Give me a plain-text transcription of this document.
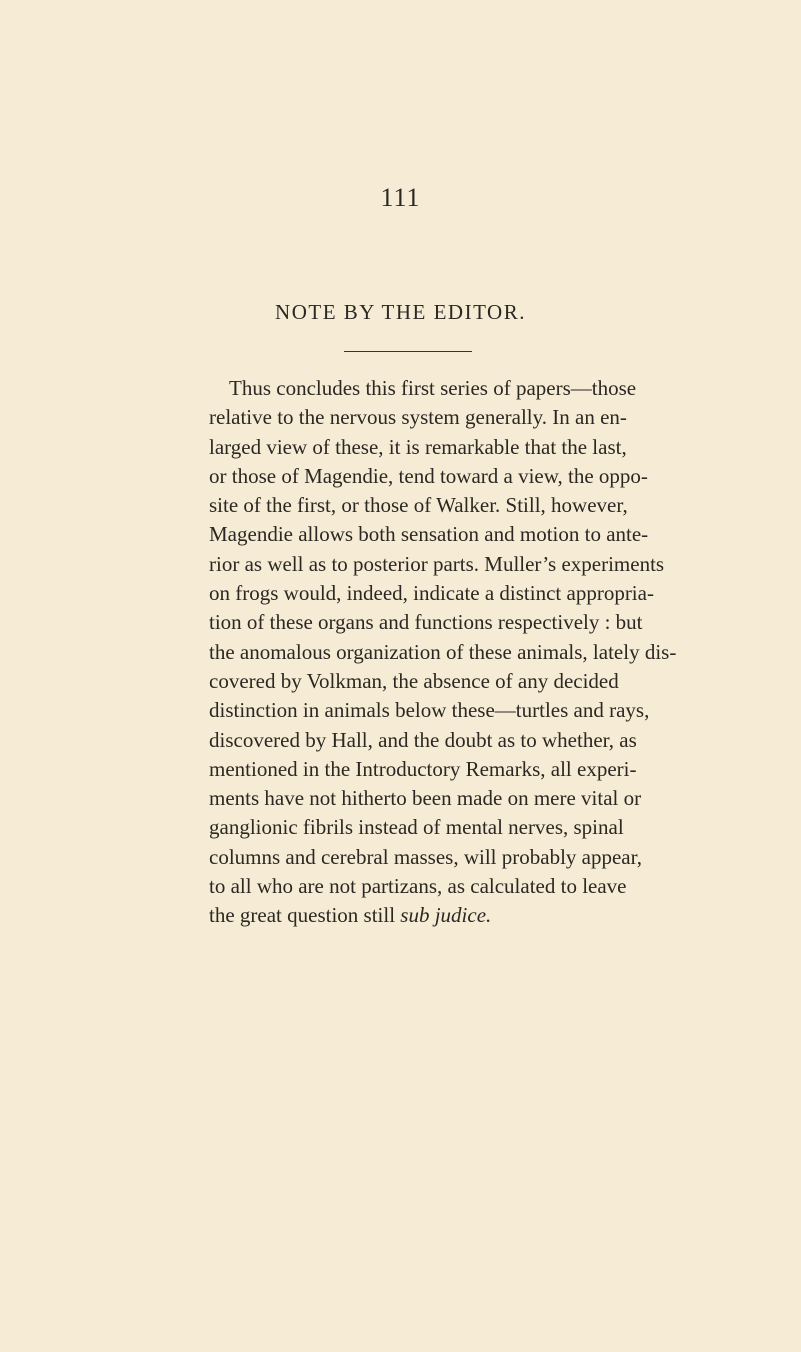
111
NOTE BY THE EDITOR.
Thus concludes this first series of papers—those
relative to the nervous system generally. In an en-
larged view of these, it is remarkable that the last,
or those of Magendie, tend toward a view, the oppo-
site of the first, or those of Walker. Still, however,
Magendie allows both sensation and motion to ante-
rior as well as to posterior parts. Muller’s experiments
on frogs would, indeed, indicate a distinct appropria-
tion of these organs and functions respectively : but
the anomalous organization of these animals, lately dis-
covered by Volkman, the absence of any decided
distinction in animals below these—turtles and rays,
discovered by Hall, and the doubt as to whether, as
mentioned in the Introductory Remarks, all experi-
ments have not hitherto been made on mere vital or
ganglionic fibrils instead of mental nerves, spinal
columns and cerebral masses, will probably appear,
to all who are not partizans, as calculated to leave
the great question still sub judice.
